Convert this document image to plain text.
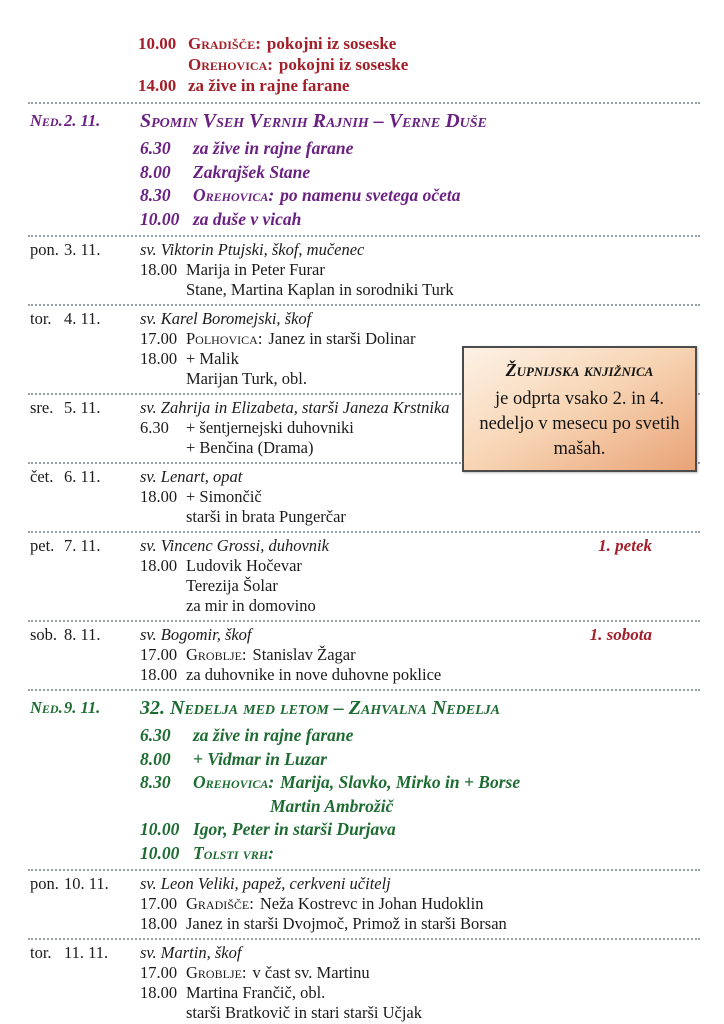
10.00 Gradišče: pokojni iz soseske
Orehovica: pokojni iz soseske
14.00 za žive in rajne farane
Ned. 2. 11.	Spomin Vseh Vernih Rajnih – Verne Duše
6.30 za žive in rajne farane
8.00 Zakrajšek Stane
8.30 Orehovica: po namenu svetega očeta
10.00 za duše v vicah
pon. 3. 11.	sv. Viktorin Ptujski, škof, mučenec
18.00 Marija in Peter Furar
Stane, Martina Kaplan in sorodniki Turk
tor. 4. 11.	sv. Karel Boromejski, škof
17.00 Polhovica: Janez in starši Dolinar
18.00 + Malik
Marijan Turk, obl.
sre. 5. 11.	sv. Zahrija in Elizabeta, starši Janeza Krstnika
6.30 + šentjernejski duhovniki
+ Benčina (Drama)
čet. 6. 11.	sv. Lenart, opat
18.00 + Simončič
starši in brata Pungerčar
pet. 7. 11.	sv. Vincenc Grossi, duhovnik	1. petek
18.00 Ludovik Hočevar
Terezija Šolar
za mir in domovino
sob. 8. 11.	sv. Bogomir, škof	1. sobota
17.00 Groblje: Stanislav Žagar
18.00 za duhovnike in nove duhovne poklice
Ned. 9. 11.	32. Nedelja med letom – Zahvalna Nedelja
6.30 za žive in rajne farane
8.00 + Vidmar in Luzar
8.30 Orehovica: Marija, Slavko, Mirko in + Borse
Martin Ambrožič
10.00 Igor, Peter in starši Durjava
10.00 Tolsti vrh:
pon. 10. 11.	sv. Leon Veliki, papež, cerkveni učitelj
17.00 Gradišče: Neža Kostrevc in Johan Hudoklin
18.00 Janez in starši Dvojmoč, Primož in starši Borsan
tor. 11. 11.	sv. Martin, škof
17.00 Groblje: v čast sv. Martinu
18.00 Martina Frančič, obl.
starši Bratkovič in stari starši Učjak
Župnijska knjižnica
je odprta vsako 2. in 4. nedeljo v mesecu po svetih mašah.
